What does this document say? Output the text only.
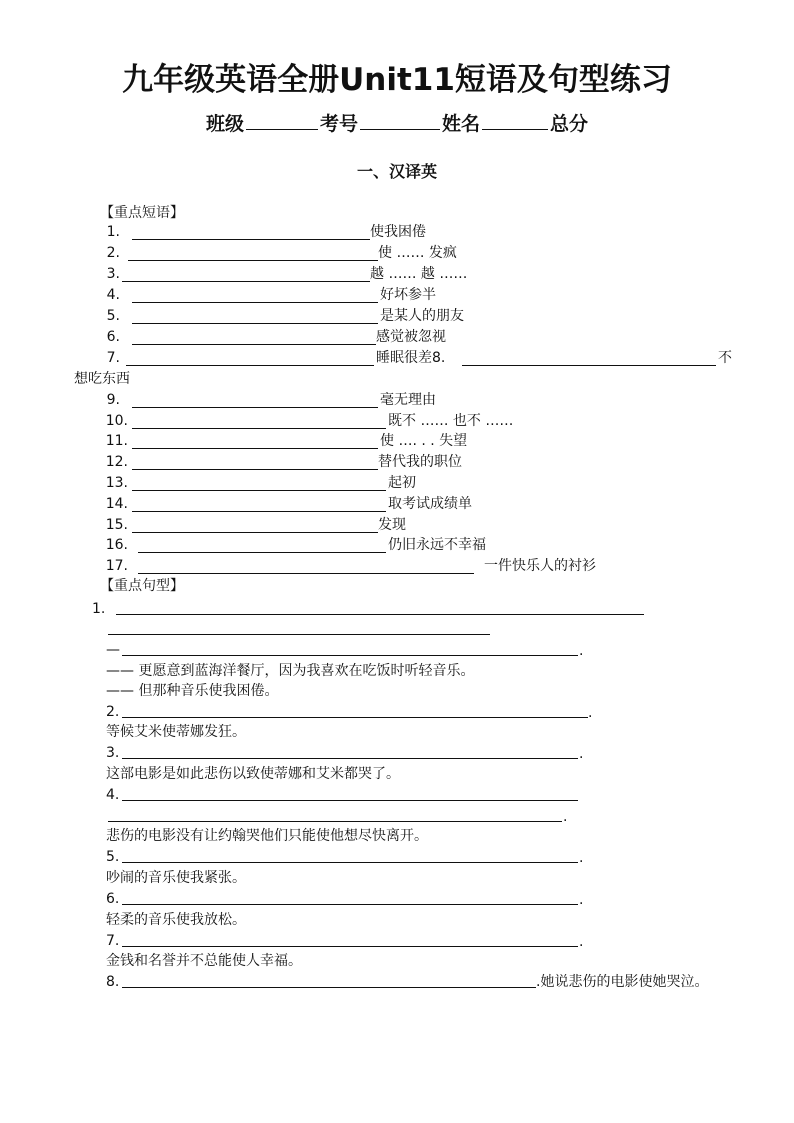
九年级英语全册Unit11短语及句型练习
班级	考号	姓名	总分
一、汉译英
【重点短语】
1.	使我困倦
2.	使 …… 发疯
3.	越 …… 越 ……
4.	好坏参半
5.	是某人的朋友
6.	感觉被忽视
7.	睡眠很差8.	不
想吃东西
9.	毫无理由
10.	既不 …… 也不 ……
11.	使 …. . . 失望
12.	替代我的职位
13.	起初
14.	取考试成绩单
15.	发现
16.	仍旧永远不幸福
17.	一件快乐人的衬衫
【重点句型】
1.
—	.
—— 更愿意到蓝海洋餐厅，因为我喜欢在吃饭时听轻音乐。
—— 但那种音乐使我困倦。
2.	.
等候艾米使蒂娜发狂。
3.	.
这部电影是如此悲伤以致使蒂娜和艾米都哭了。
4.
.
悲伤的电影没有让约翰哭他们只能使他想尽快离开。
5.	.
吵闹的音乐使我紧张。
6.	.
轻柔的音乐使我放松。
7.	.
金钱和名誉并不总能使人幸福。
8.	.她说悲伤的电影使她哭泣。
